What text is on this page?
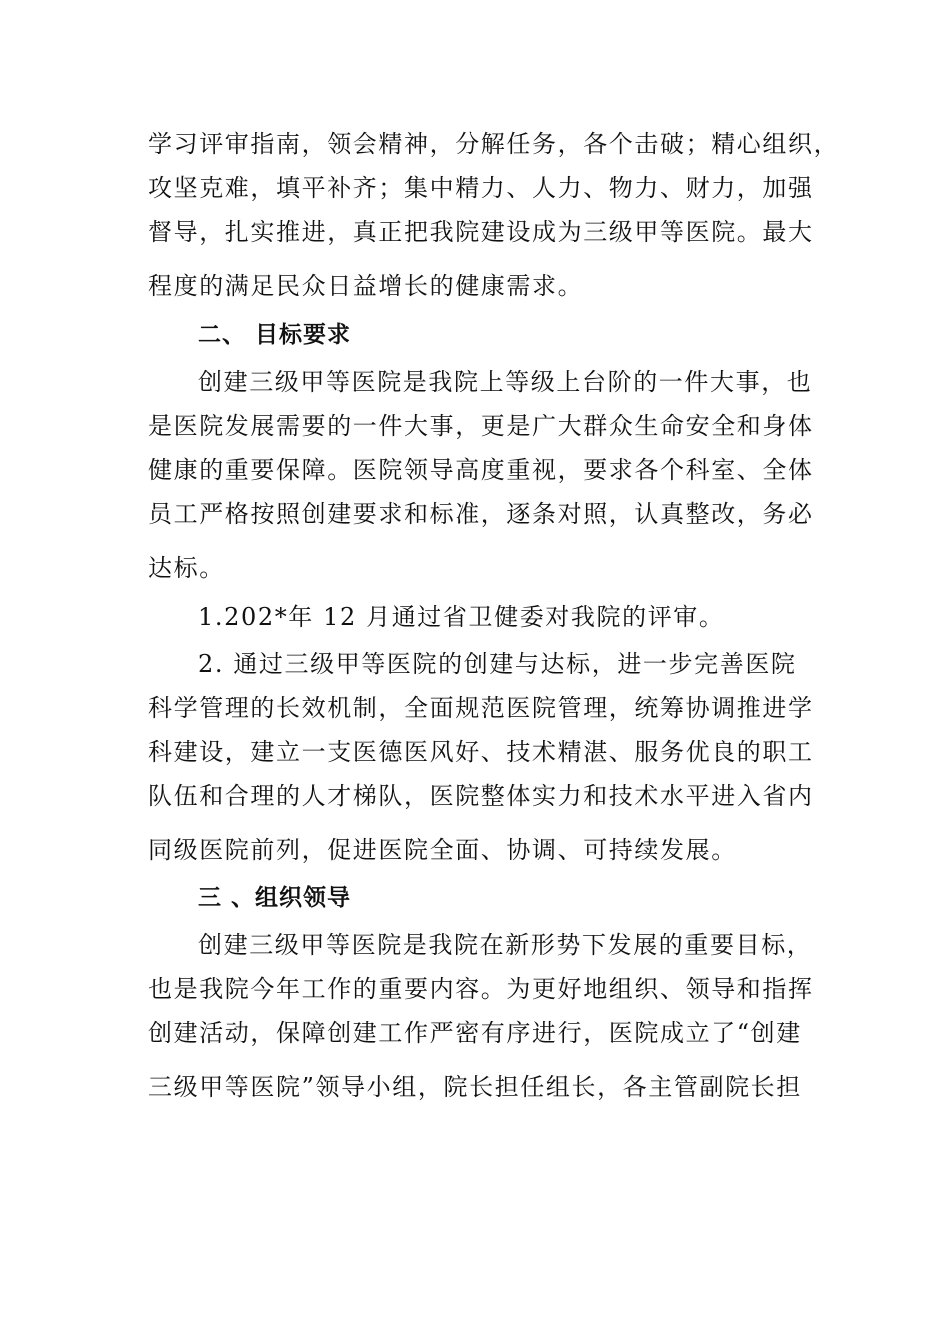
学习评审指南，领会精神，分解任务，各个击破；精心组织，
攻坚克难，填平补齐；集中精力、人力、物力、财力，加强
督导，扎实推进，真正把我院建设成为三级甲等医院。最大
程度的满足民众日益增长的健康需求。
二、 目标要求
创建三级甲等医院是我院上等级上台阶的一件大事，也
是医院发展需要的一件大事，更是广大群众生命安全和身体
健康的重要保障。医院领导高度重视，要求各个科室、全体
员工严格按照创建要求和标准，逐条对照，认真整改，务必
达标。
1.202*年 12 月通过省卫健委对我院的评审。
2. 通过三级甲等医院的创建与达标，进一步完善医院
科学管理的长效机制，全面规范医院管理，统筹协调推进学
科建设，建立一支医德医风好、技术精湛、服务优良的职工
队伍和合理的人才梯队，医院整体实力和技术水平进入省内
同级医院前列，促进医院全面、协调、可持续发展。
三 、组织领导
创建三级甲等医院是我院在新形势下发展的重要目标，
也是我院今年工作的重要内容。为更好地组织、领导和指挥
创建活动，保障创建工作严密有序进行，医院成立了“创建
三级甲等医院”领导小组，院长担任组长，各主管副院长担
